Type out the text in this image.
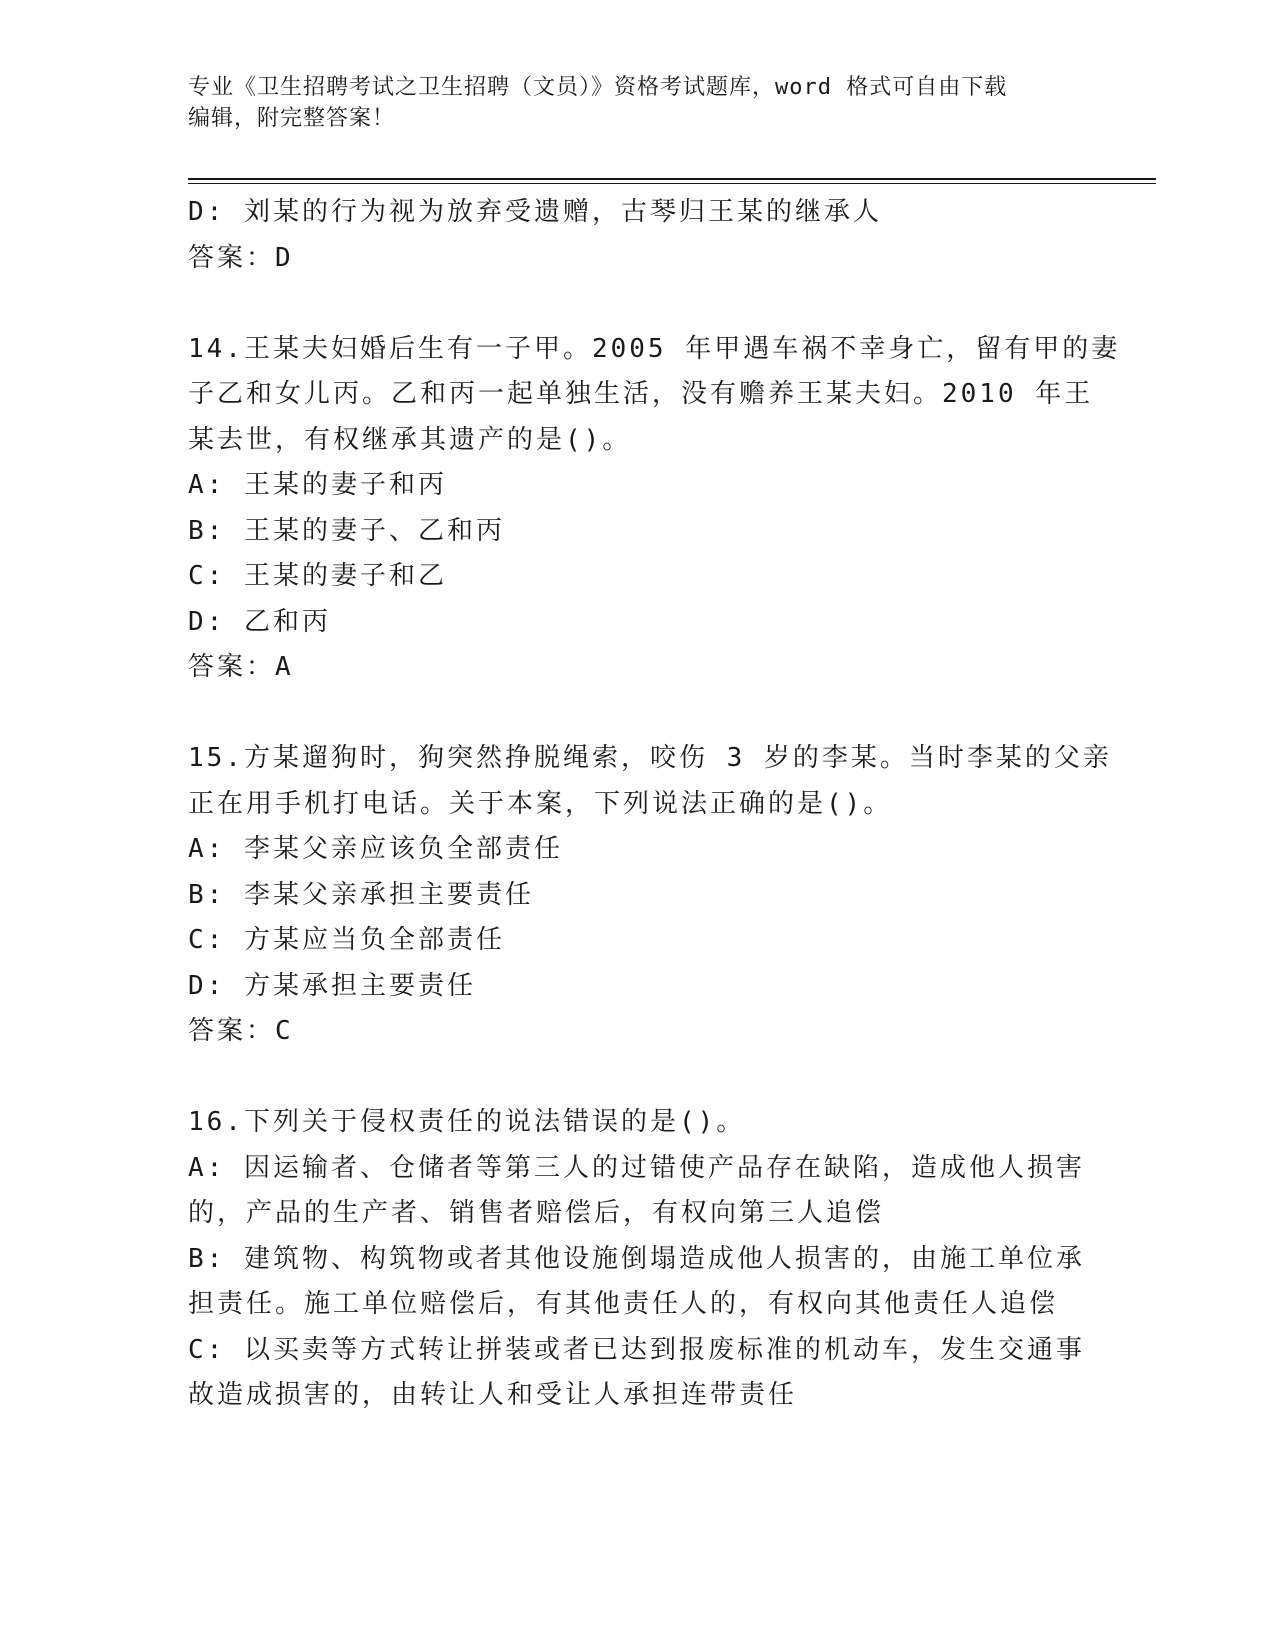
专业《卫生招聘考试之卫生招聘（文员）》资格考试题库，word 格式可自由下载
编辑，附完整答案！
D: 刘某的行为视为放弃受遗赠，古琴归王某的继承人
答案：D
14.王某夫妇婚后生有一子甲。2005 年甲遇车祸不幸身亡，留有甲的妻
子乙和女儿丙。乙和丙一起单独生活，没有赡养王某夫妇。2010 年王
某去世，有权继承其遗产的是()。
A: 王某的妻子和丙
B: 王某的妻子、乙和丙
C: 王某的妻子和乙
D: 乙和丙
答案：A
15.方某遛狗时，狗突然挣脱绳索，咬伤 3 岁的李某。当时李某的父亲
正在用手机打电话。关于本案，下列说法正确的是()。
A: 李某父亲应该负全部责任
B: 李某父亲承担主要责任
C: 方某应当负全部责任
D: 方某承担主要责任
答案：C
16.下列关于侵权责任的说法错误的是()。
A: 因运输者、仓储者等第三人的过错使产品存在缺陷，造成他人损害
的，产品的生产者、销售者赔偿后，有权向第三人追偿
B: 建筑物、构筑物或者其他设施倒塌造成他人损害的，由施工单位承
担责任。施工单位赔偿后，有其他责任人的，有权向其他责任人追偿
C: 以买卖等方式转让拼装或者已达到报废标准的机动车，发生交通事
故造成损害的，由转让人和受让人承担连带责任
